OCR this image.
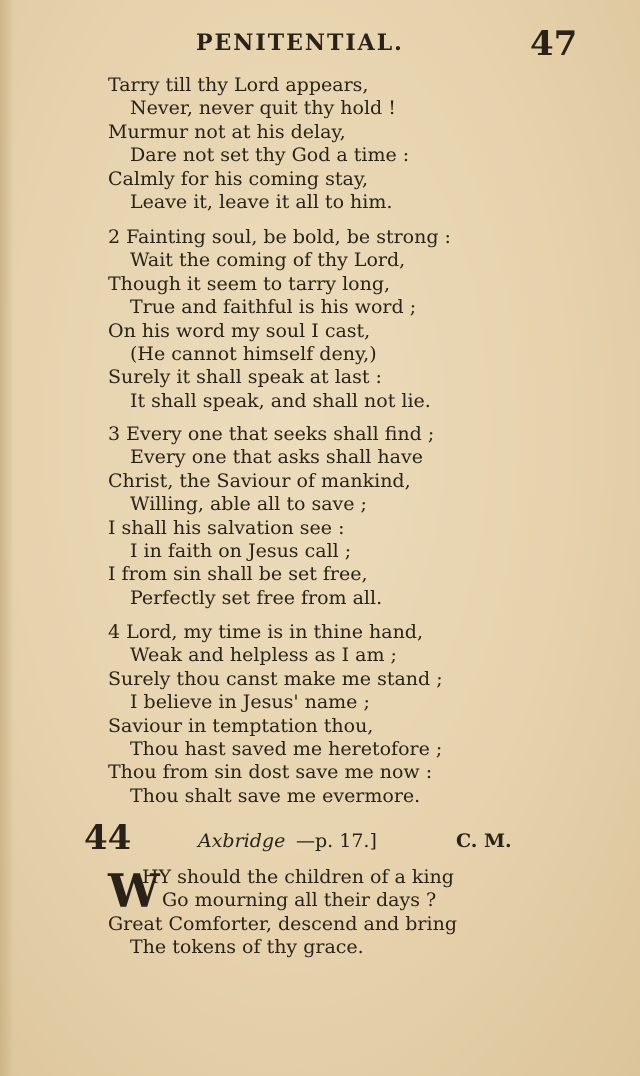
PENITENTIAL.	47
Tarry till thy Lord appears,
Never, never quit thy hold !
Murmur not at his delay,
Dare not set thy God a time :
Calmly for his coming stay,
Leave it, leave it all to him.
2 Fainting soul, be bold, be strong :
Wait the coming of thy Lord,
Though it seem to tarry long,
True and faithful is his word ;
On his word my soul I cast,
(He cannot himself deny,)
Surely it shall speak at last :
It shall speak, and shall not lie.
3 Every one that seeks shall find ;
Every one that asks shall have
Christ, the Saviour of mankind,
Willing, able all to save ;
I shall his salvation see :
I in faith on Jesus call ;
I from sin shall be set free,
Perfectly set free from all.
4 Lord, my time is in thine hand,
Weak and helpless as I am ;
Surely thou canst make me stand ;
I believe in Jesus' name ;
Saviour in temptation thou,
Thou hast saved me heretofore ;
Thou from sin dost save me now :
Thou shalt save me evermore.
44	Axbridge —p. 17.]	C. M.
W
HY should the children of a king
Go mourning all their days ?
Great Comforter, descend and bring
The tokens of thy grace.
